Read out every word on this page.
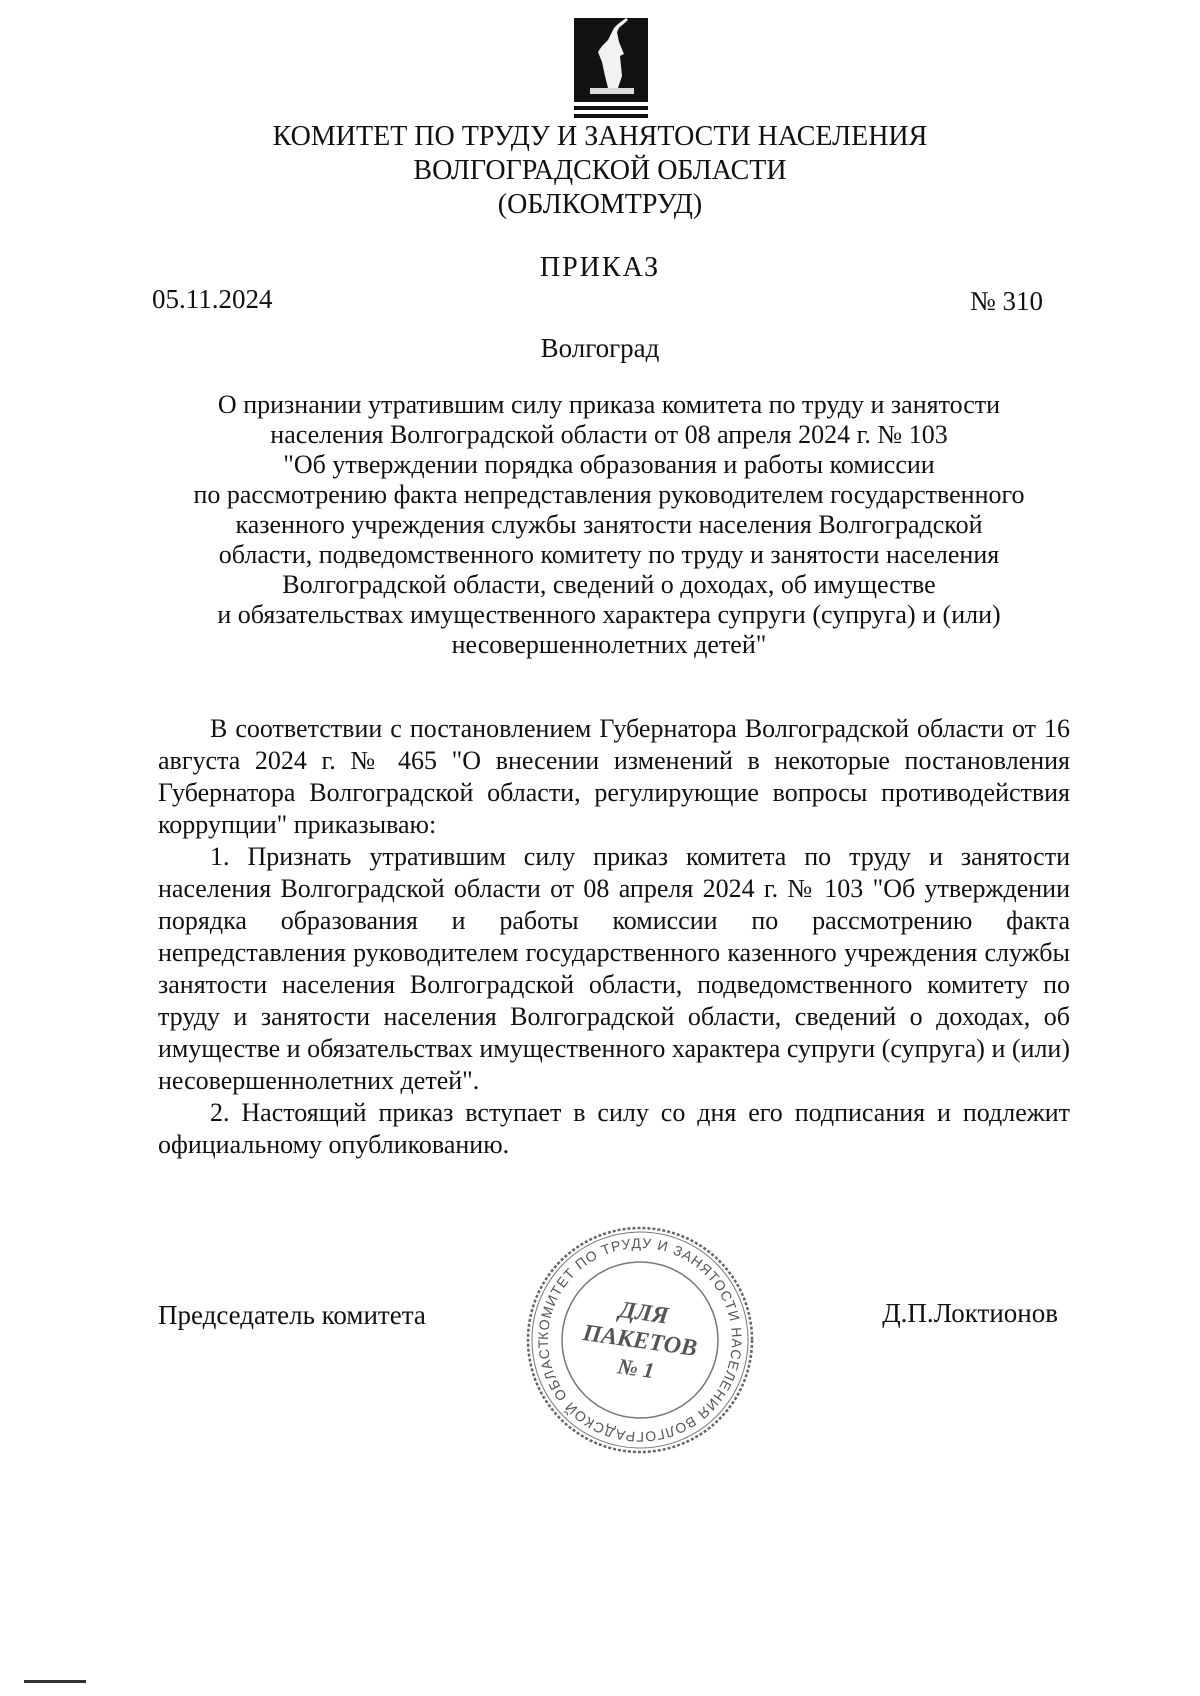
КОМИТЕТ ПО ТРУДУ И ЗАНЯТОСТИ НАСЕЛЕНИЯ
ВОЛГОГРАДСКОЙ ОБЛАСТИ
(ОБЛКОМТРУД)
ПРИКАЗ
05.11.2024	№ 310
Волгоград
О признании утратившим силу приказа комитета по труду и занятости
населения Волгоградской области от 08 апреля 2024 г. № 103
"Об утверждении порядка образования и работы комиссии
по рассмотрению факта непредставления руководителем государственного
казенного учреждения службы занятости населения Волгоградской
области, подведомственного комитету по труду и занятости населения
Волгоградской области, сведений о доходах, об имуществе
и обязательствах имущественного характера супруги (супруга) и (или)
несовершеннолетних детей"

В соответствии с постановлением Губернатора Волгоградской области от 16 августа 2024 г. № 465 "О внесении изменений в некоторые постановления Губернатора Волгоградской области, регулирующие вопросы противодействия коррупции" приказываю:

1. Признать утратившим силу приказ комитета по труду и занятости населения Волгоградской области от 08 апреля 2024 г. № 103 "Об утверждении порядка образования и работы комиссии по рассмотрению факта непредставления руководителем государственного казенного учреждения службы занятости населения Волгоградской области, подведомственного комитету по труду и занятости населения Волгоградской области, сведений о доходах, об имуществе и обязательствах имущественного характера супруги (супруга) и (или) несовершеннолетних детей".

2. Настоящий приказ вступает в силу со дня его подписания и подлежит официальному опубликованию.

Председатель комитета	Д.П.Локтионов
КОМИТЕТ ПО ТРУДУ И ЗАНЯТОСТИ НАСЕЛЕНИЯ ВОЛГОГРАДСКОЙ ОБЛАСТ
ДЛЯ
ПАКЕТОВ
№ 1
